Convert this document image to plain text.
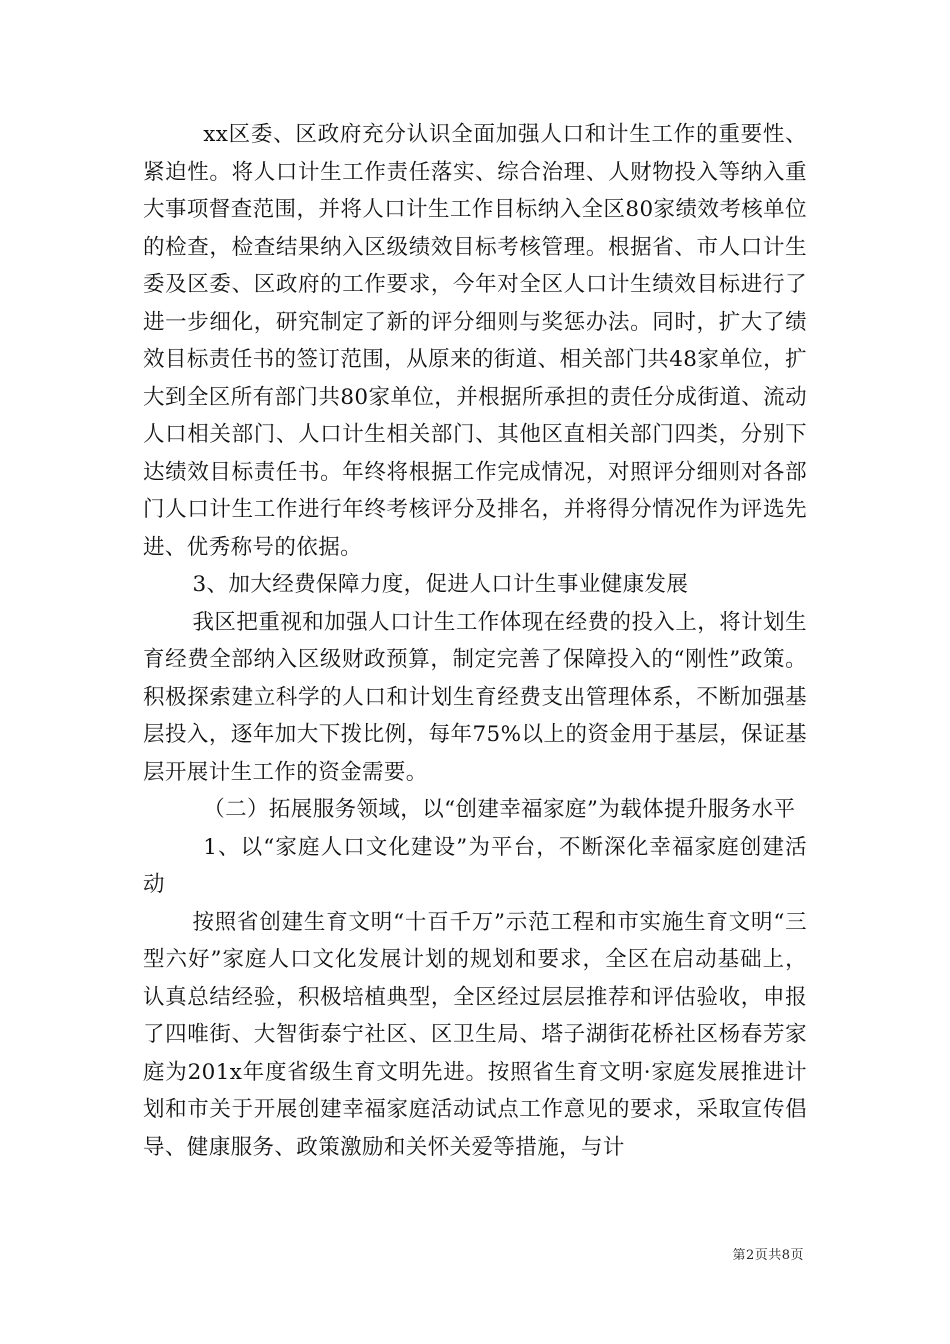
xx区委、区政府充分认识全面加强人口和计生工作的重要性、紧迫性。将人口计生工作责任落实、综合治理、人财物投入等纳入重大事项督查范围，并将人口计生工作目标纳入全区80家绩效考核单位的检查，检查结果纳入区级绩效目标考核管理。根据省、市人口计生委及区委、区政府的工作要求，今年对全区人口计生绩效目标进行了进一步细化，研究制定了新的评分细则与奖惩办法。同时，扩大了绩效目标责任书的签订范围，从原来的街道、相关部门共48家单位，扩大到全区所有部门共80家单位，并根据所承担的责任分成街道、流动人口相关部门、人口计生相关部门、其他区直相关部门四类，分别下达绩效目标责任书。年终将根据工作完成情况，对照评分细则对各部门人口计生工作进行年终考核评分及排名，并将得分情况作为评选先进、优秀称号的依据。

3、加大经费保障力度，促进人口计生事业健康发展

我区把重视和加强人口计生工作体现在经费的投入上，将计划生育经费全部纳入区级财政预算，制定完善了保障投入的“刚性”政策。积极探索建立科学的人口和计划生育经费支出管理体系，不断加强基层投入，逐年加大下拨比例，每年75%以上的资金用于基层，保证基层开展计生工作的资金需要。

（二）拓展服务领域，以“创建幸福家庭”为载体提升服务水平

1、以“家庭人口文化建设”为平台，不断深化幸福家庭创建活动

按照省创建生育文明“十百千万”示范工程和市实施生育文明“三型六好”家庭人口文化发展计划的规划和要求，全区在启动基础上，认真总结经验，积极培植典型，全区经过层层推荐和评估验收，申报了四唯街、大智街泰宁社区、区卫生局、塔子湖街花桥社区杨春芳家庭为201x年度省级生育文明先进。按照省生育文明·家庭发展推进计划和市关于开展创建幸福家庭活动试点工作意见的要求，采取宣传倡导、健康服务、政策激励和关怀关爱等措施，与计

第2页共8页
